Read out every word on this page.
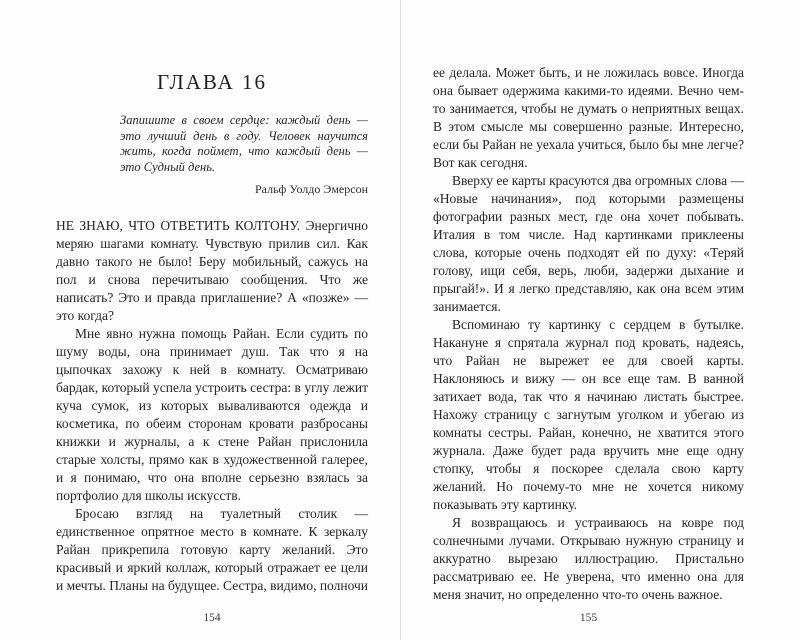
ГЛАВА 16

Запишите в своем сердце: каждый день — это лучший день в году. Человек научится жить, когда поймет, что каждый день — это Судный день.

Ральф Уолдо Эмерсон

НЕ ЗНАЮ, ЧТО ОТВЕТИТЬ КОЛТОНУ. Энергично меряю шагами комнату. Чувствую прилив сил. Как давно такого не было! Беру мобильный, сажусь на пол и снова перечитываю сообщения. Что же написать? Это и правда приглашение? А «позже» — это когда?

Мне явно нужна помощь Райан. Если судить по шуму воды, она принимает душ. Так что я на цыпочках захожу к ней в комнату. Осматриваю бардак, который успела устроить сестра: в углу лежит куча сумок, из которых вываливаются одежда и косметика, по обеим сторонам кровати разбросаны книжки и журналы, а к стене Райан прислонила старые холсты, прямо как в художественной галерее, и я понимаю, что она вполне серьезно взялась за портфолио для школы искусств.

Бросаю взгляд на туалетный столик — единственное опрятное место в комнате. К зеркалу Райан прикрепила готовую карту желаний. Это красивый и яркий коллаж, который отражает ее цели и мечты. Планы на будущее. Сестра, видимо, полночи

154

ее делала. Может быть, и не ложилась вовсе. Иногда она бывает одержима какими-то идеями. Вечно чем-то занимается, чтобы не думать о неприятных вещах. В этом смысле мы совершенно разные. Интересно, если бы Райан не уехала учиться, было бы мне легче? Вот как сегодня.

Вверху ее карты красуются два огромных слова — «Новые начинания», под которыми размещены фотографии разных мест, где она хочет побывать. Италия в том числе. Над картинками приклеены слова, которые очень подходят ей по духу: «Теряй голову, ищи себя, верь, люби, задержи дыхание и прыгай!». И я легко представляю, как она всем этим занимается.

Вспоминаю ту картинку с сердцем в бутылке. Накануне я спрятала журнал под кровать, надеясь, что Райан не вырежет ее для своей карты. Наклоняюсь и вижу — он все еще там. В ванной затихает вода, так что я начинаю листать быстрее. Нахожу страницу с загнутым уголком и убегаю из комнаты сестры. Райан, конечно, не хватится этого журнала. Даже будет рада вручить мне еще одну стопку, чтобы я поскорее сделала свою карту желаний. Но почему-то мне не хочется никому показывать эту картинку.

Я возвращаюсь и устраиваюсь на ковре под солнечными лучами. Открываю нужную страницу и аккуратно вырезаю иллюстрацию. Пристально рассматриваю ее. Не уверена, что именно она для меня значит, но определенно что-то очень важное.

155
